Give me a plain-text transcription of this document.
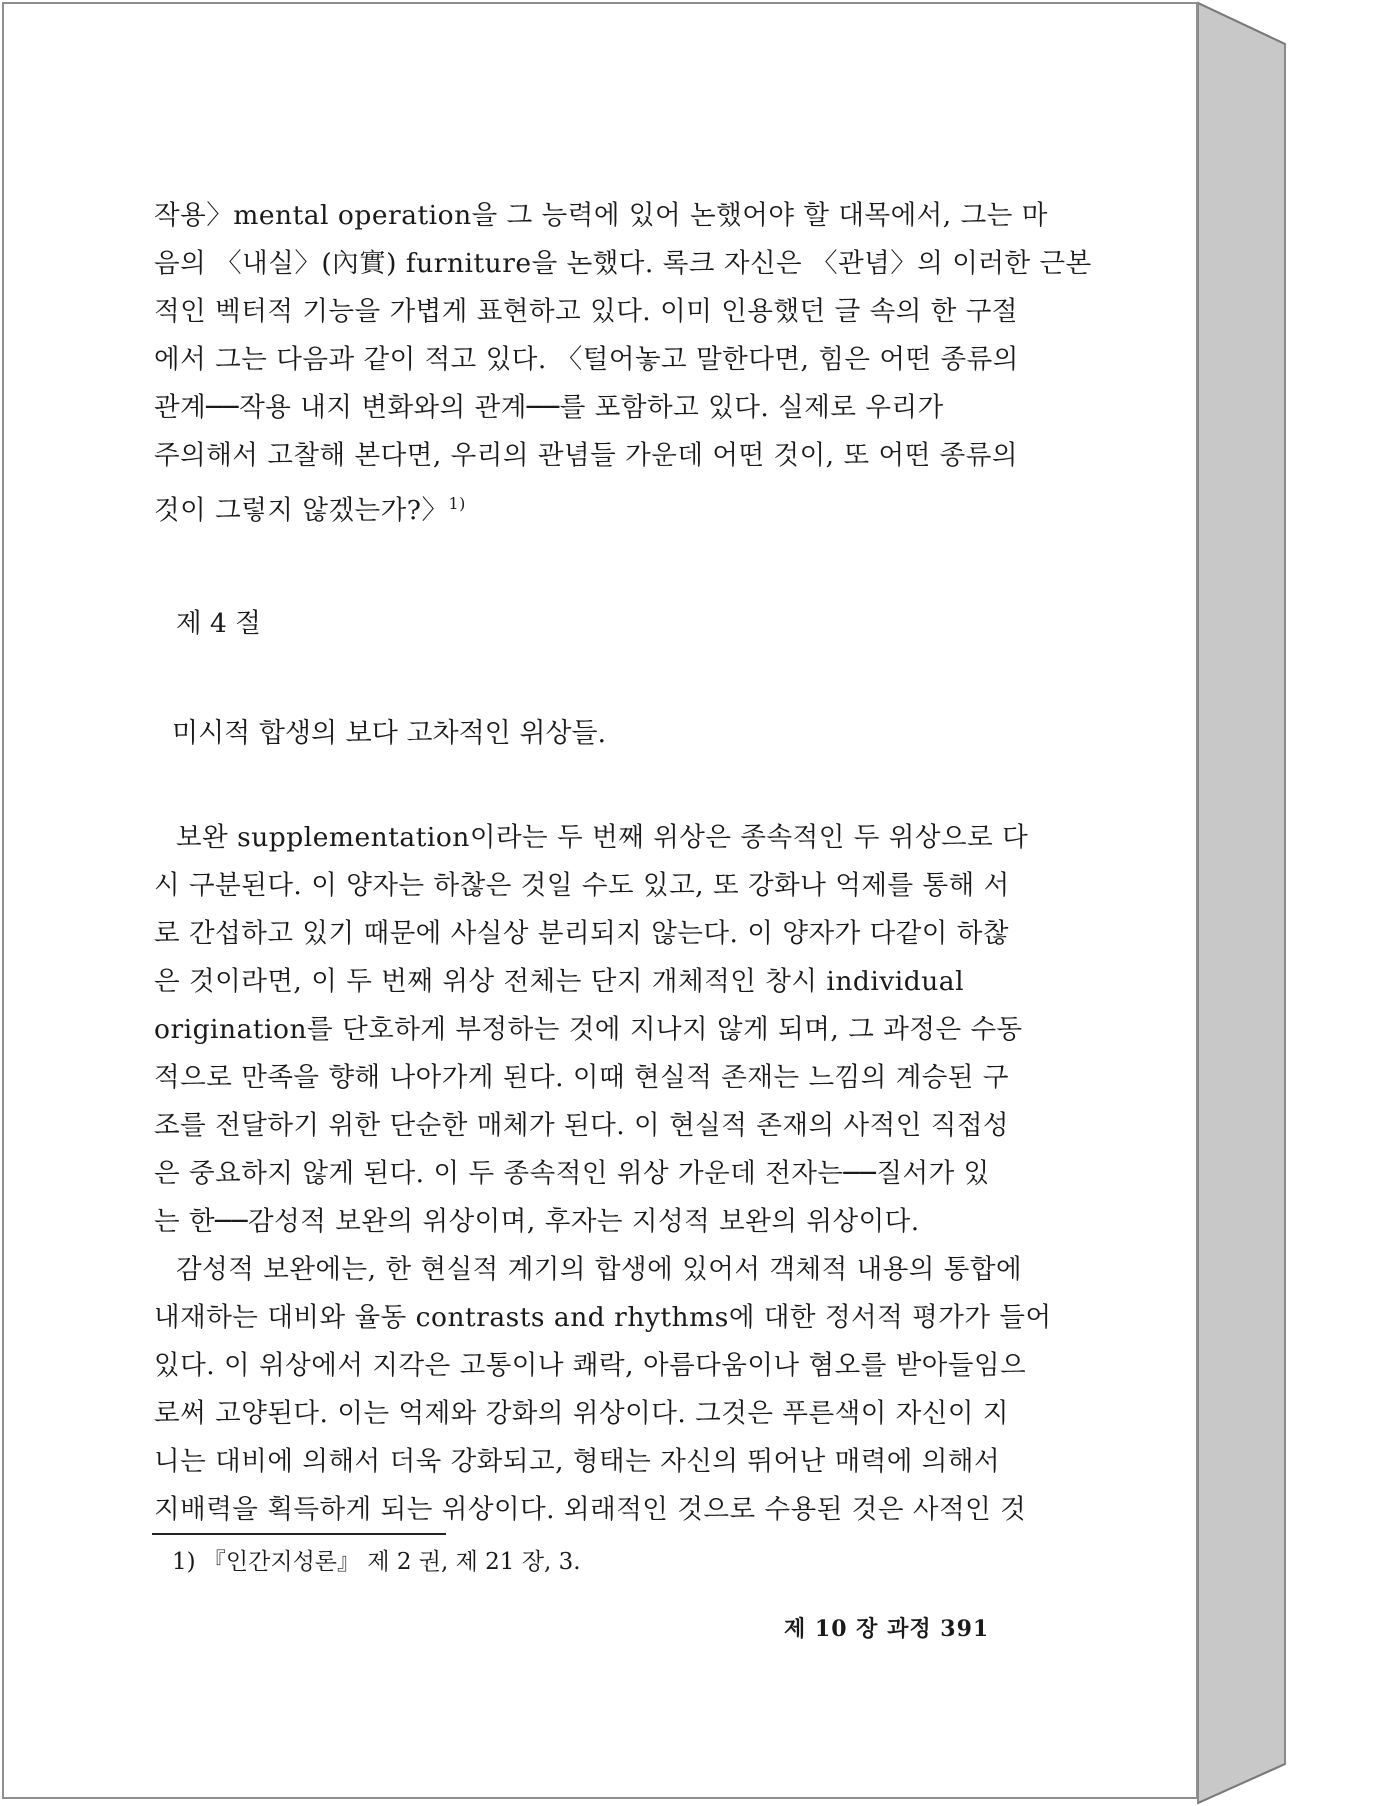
작용〉mental operation을 그 능력에 있어 논했어야 할 대목에서, 그는 마
음의 〈내실〉(內實) furniture을 논했다. 록크 자신은 〈관념〉의 이러한 근본
적인 벡터적 기능을 가볍게 표현하고 있다. 이미 인용했던 글 속의 한 구절
에서 그는 다음과 같이 적고 있다. 〈털어놓고 말한다면, 힘은 어떤 종류의
관계──작용 내지 변화와의 관계──를 포함하고 있다. 실제로 우리가
주의해서 고찰해 본다면, 우리의 관념들 가운데 어떤 것이, 또 어떤 종류의
것이 그렇지 않겠는가?〉$^{1)}$
제 4 절
미시적 합생의 보다 고차적인 위상들.
보완 supplementation이라는 두 번째 위상은 종속적인 두 위상으로 다
시 구분된다. 이 양자는 하찮은 것일 수도 있고, 또 강화나 억제를 통해 서
로 간섭하고 있기 때문에 사실상 분리되지 않는다. 이 양자가 다같이 하찮
은 것이라면, 이 두 번째 위상 전체는 단지 개체적인 창시 individual
origination를 단호하게 부정하는 것에 지나지 않게 되며, 그 과정은 수동
적으로 만족을 향해 나아가게 된다. 이때 현실적 존재는 느낌의 계승된 구
조를 전달하기 위한 단순한 매체가 된다. 이 현실적 존재의 사적인 직접성
은 중요하지 않게 된다. 이 두 종속적인 위상 가운데 전자는──질서가 있
는 한──감성적 보완의 위상이며, 후자는 지성적 보완의 위상이다.
감성적 보완에는, 한 현실적 계기의 합생에 있어서 객체적 내용의 통합에
내재하는 대비와 율동 contrasts and rhythms에 대한 정서적 평가가 들어
있다. 이 위상에서 지각은 고통이나 쾌락, 아름다움이나 혐오를 받아들임으
로써 고양된다. 이는 억제와 강화의 위상이다. 그것은 푸른색이 자신이 지
니는 대비에 의해서 더욱 강화되고, 형태는 자신의 뛰어난 매력에 의해서
지배력을 획득하게 되는 위상이다. 외래적인 것으로 수용된 것은 사적인 것

1) 『인간지성론』 제 2 권, 제 21 장, 3.

제 10 장 과정 391
